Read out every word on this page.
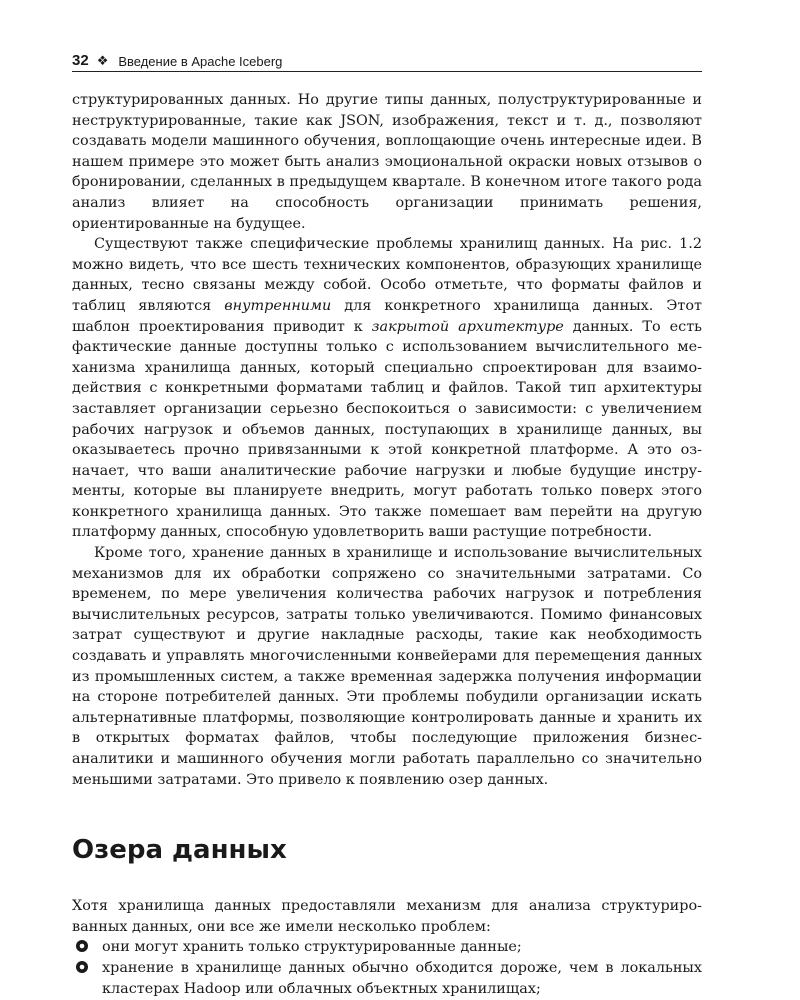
32 ❖ Введение в Apache Iceberg

структурированных данных. Но другие типы данных, полуструктурированные и неструктурированные, такие как JSON, изображения, текст и т. д., позволяют создавать модели машинного обучения, воплощающие очень интересные идеи. В нашем примере это может быть анализ эмоциональной окраски новых отзывов о бронировании, сделанных в предыдущем квартале. В конечном итоге такого рода анализ влияет на способность организации принимать решения, ориентированные на будущее.

Существуют также специфические проблемы хранилищ данных. На рис. 1.2 можно видеть, что все шесть технических компонентов, образующих хранилище данных, тесно связаны между собой. Особо отметьте, что форматы файлов и таблиц являются внутренними для конкретного хранилища данных. Этот шаблон проектирования приводит к закрытой архитектуре данных. То есть фактические данные доступны только с использованием вычислительного механизма хранилища данных, который специально спроектирован для взаимодействия с конкретными форматами таблиц и файлов. Такой тип архитектуры заставляет организации серьезно беспокоиться о зависимости: с увеличением рабочих нагрузок и объемов данных, поступающих в хранилище данных, вы оказываетесь прочно привязанными к этой конкретной платформе. А это означает, что ваши аналитические рабочие нагрузки и любые будущие инструменты, которые вы планируете внедрить, могут работать только поверх этого конкретного хранилища данных. Это также помешает вам перейти на другую платформу данных, способную удовлетворить ваши растущие потребности.

Кроме того, хранение данных в хранилище и использование вычислительных механизмов для их обработки сопряжено со значительными затратами. Со временем, по мере увеличения количества рабочих нагрузок и потребления вычислительных ресурсов, затраты только увеличиваются. Помимо финансовых затрат существуют и другие накладные расходы, такие как необходимость создавать и управлять многочисленными конвейерами для перемещения данных из промышленных систем, а также временная задержка получения информации на стороне потребителей данных. Эти проблемы побудили организации искать альтернативные платформы, позволяющие контролировать данные и хранить их в открытых форматах файлов, чтобы последующие приложения бизнес-аналитики и машинного обучения могли работать параллельно со значительно меньшими затратами. Это привело к появлению озер данных.

Озера данных

Хотя хранилища данных предоставляли механизм для анализа структурированных данных, они все же имели несколько проблем:

они могут хранить только структурированные данные;
хранение в хранилище данных обычно обходится дороже, чем в локальных кластерах Hadoop или облачных объектных хранилищах;
